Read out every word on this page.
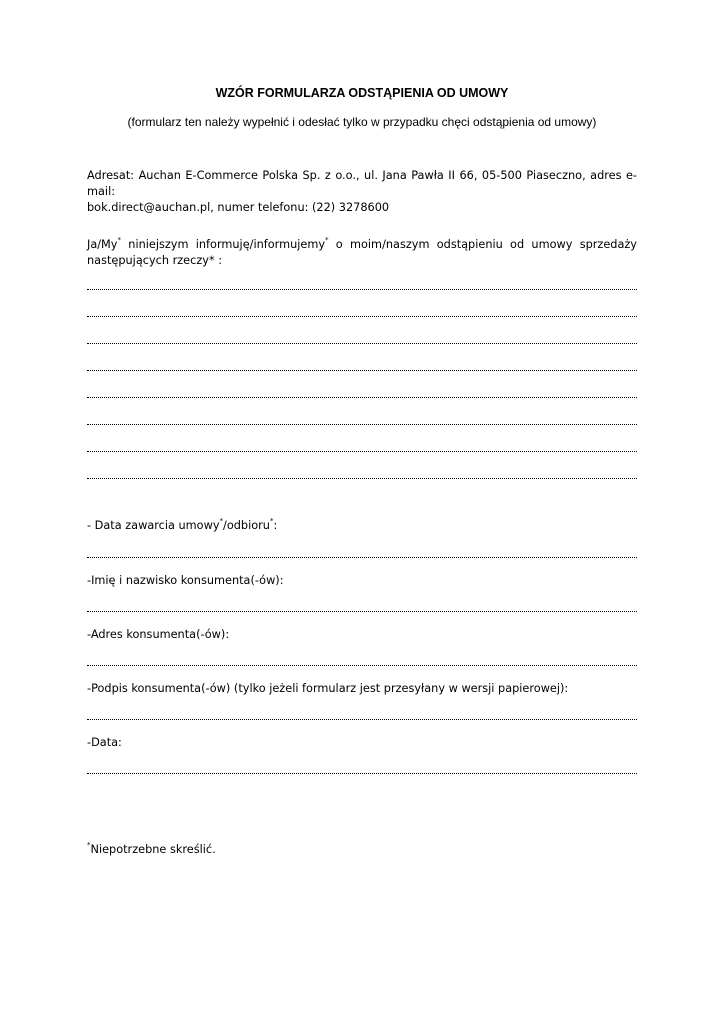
WZÓR FORMULARZA ODSTĄPIENIA OD UMOWY
(formularz ten należy wypełnić i odesłać tylko w przypadku chęci odstąpienia od umowy)
Adresat: Auchan E-Commerce Polska Sp. z o.o., ul. Jana Pawła II 66, 05-500 Piaseczno, adres e-mail:
bok.direct@auchan.pl, numer telefonu: (22) 3278600
Ja/My* niniejszym informuję/informujemy* o moim/naszym odstąpieniu od umowy sprzedaży
następujących rzeczy* :
- Data zawarcia umowy*/odbioru*:
-Imię i nazwisko konsumenta(-ów):
-Adres konsumenta(-ów):
-Podpis konsumenta(-ów) (tylko jeżeli formularz jest przesyłany w wersji papierowej):
-Data:
*Niepotrzebne skreślić.
